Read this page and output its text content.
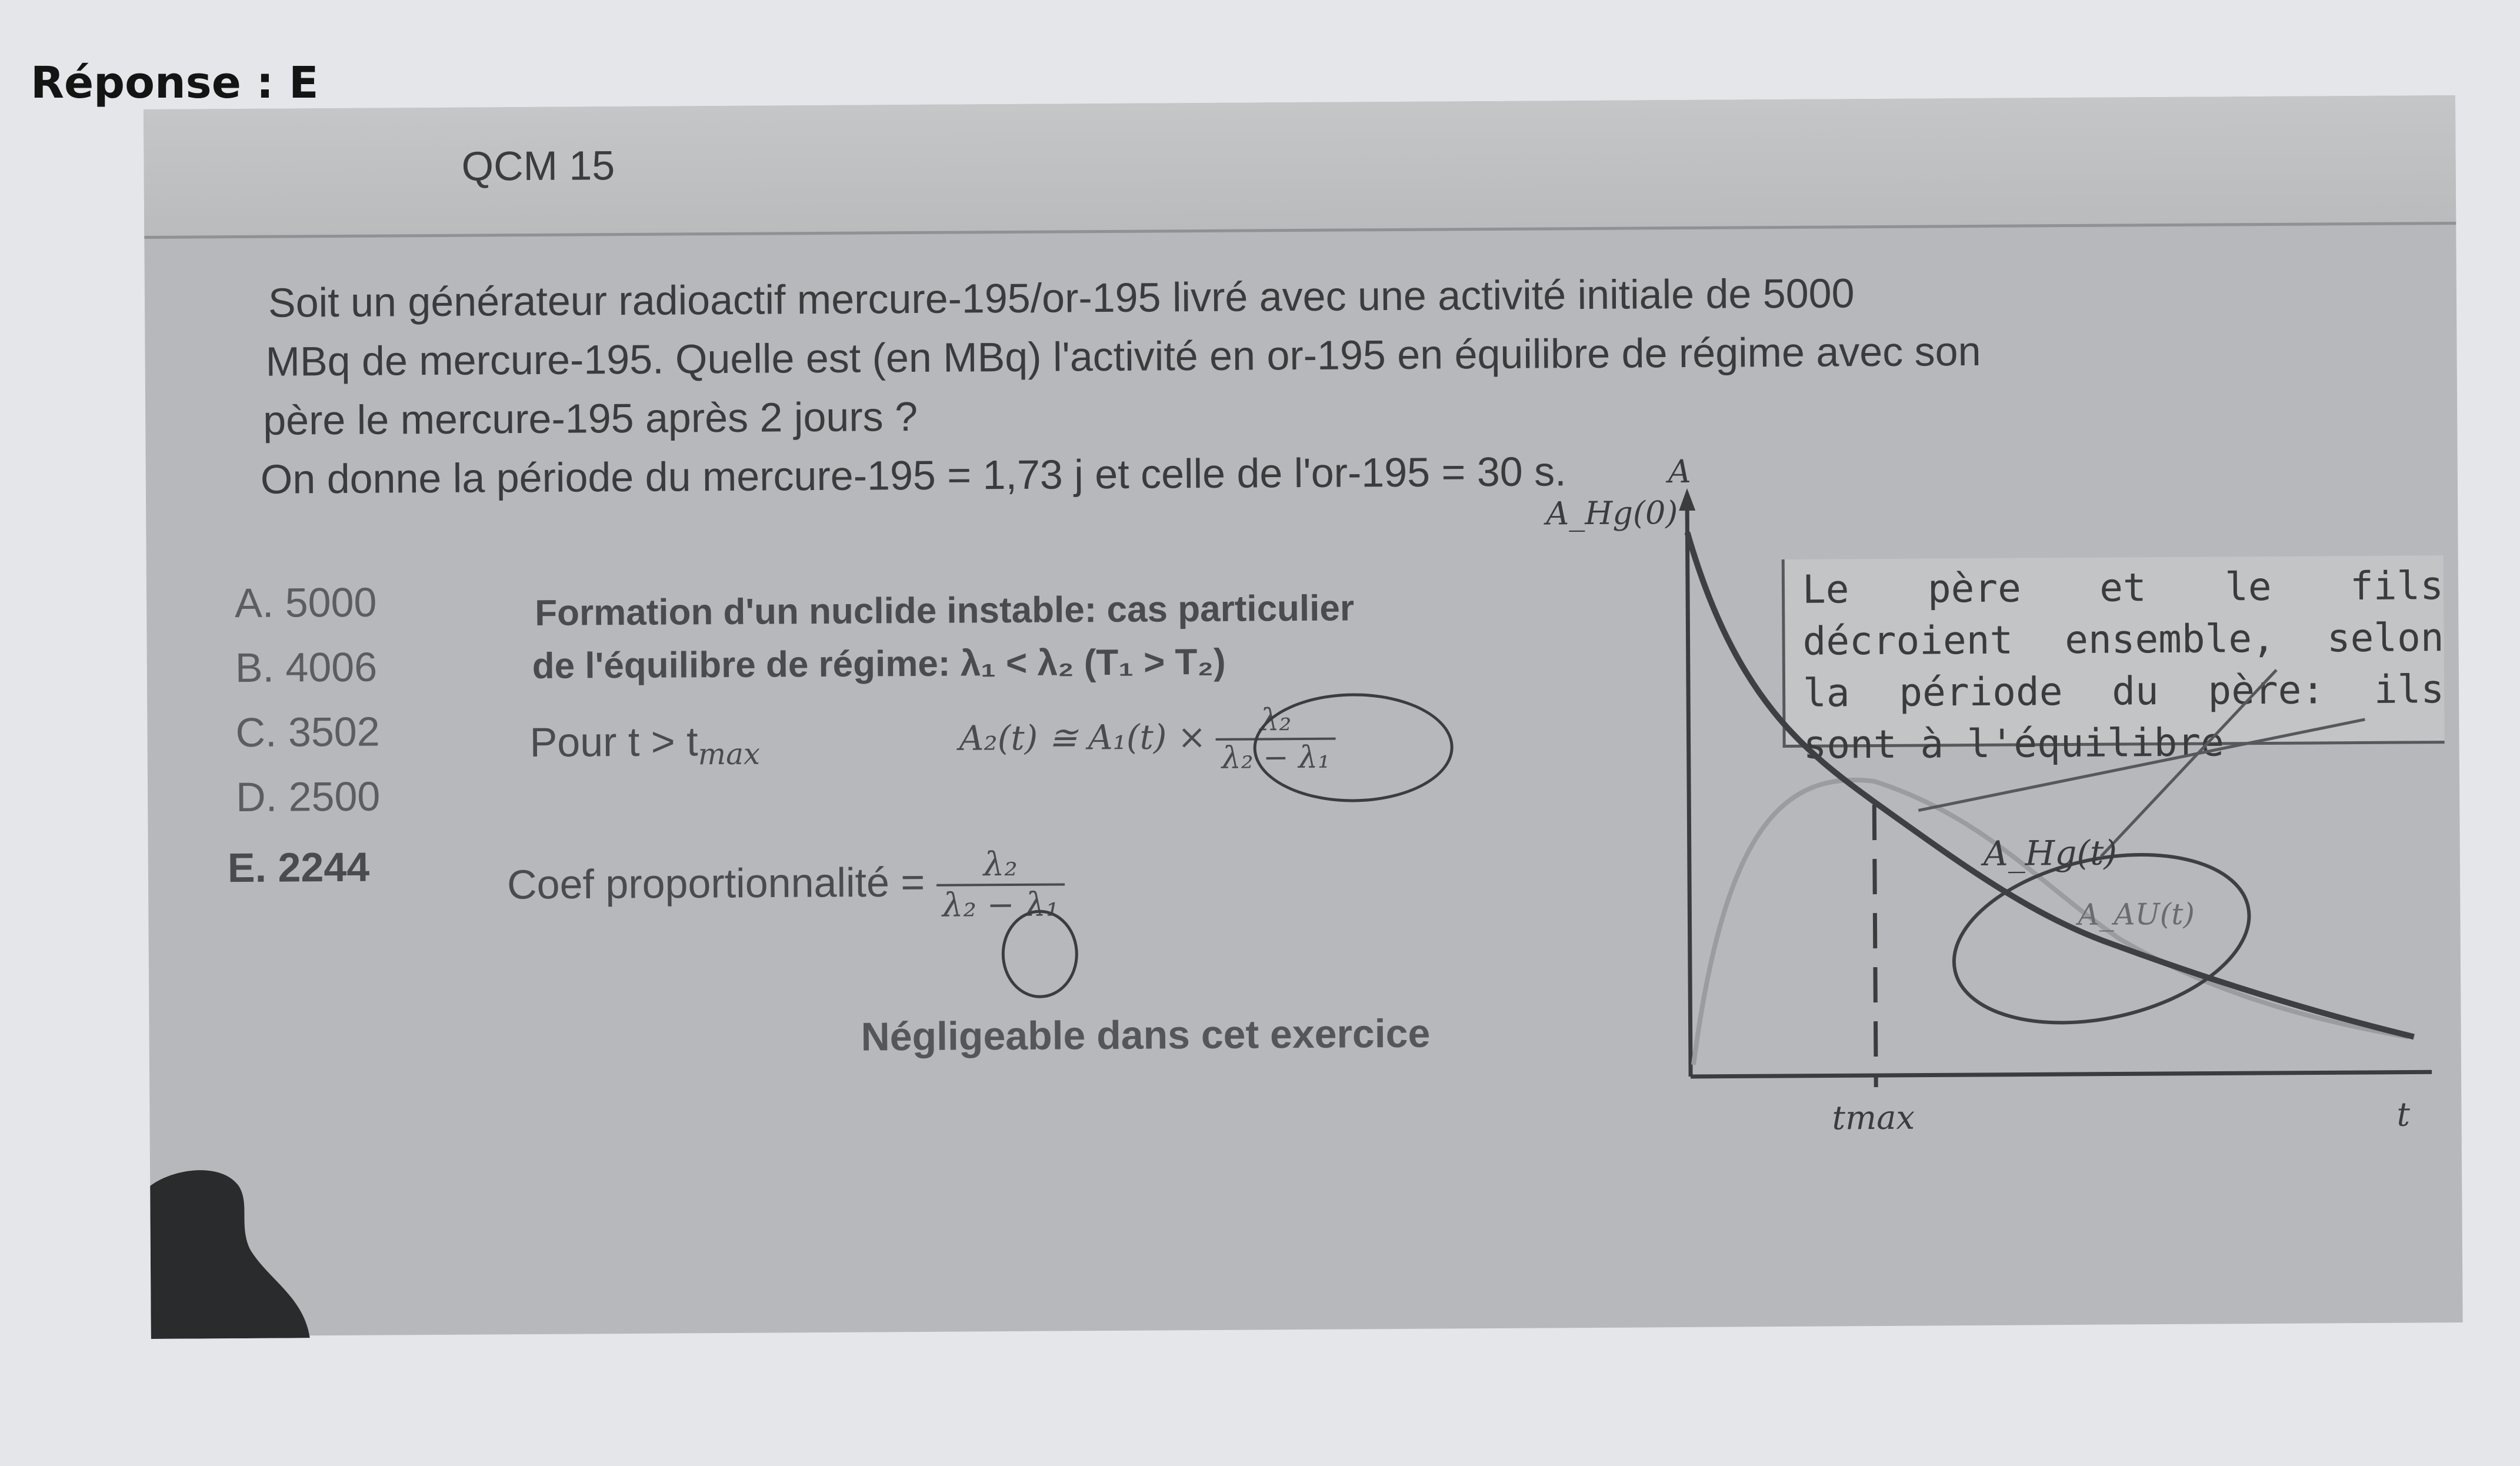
Réponse : E
QCM 15

Soit un générateur radioactif mercure-195/or-195 livré avec une activité initiale de 5000

MBq de mercure-195. Quelle est (en MBq) l'activité en or-195 en équilibre de régime avec son

père le mercure-195 après 2 jours ?

On donne la période du mercure-195 = 1,73 j et celle de l'or-195 = 30 s.

A. 5000

B. 4006

C. 3502

D. 2500

E. 2244

Formation d'un nuclide instable: cas particulier

de l'équilibre de régime: λ₁ < λ₂ (T₁ > T₂)

Pour $t > t_{max}$	A₂(t) ≅ $A_1(t) \times \frac{\text{λ₂}}{\text{λ₂ − λ₁}}$
Coef proportionnalité = $\frac{\text{λ₂}}{\text{λ₂ − λ₁}}$

Négligeable dans cet exercice

Le père et le fils décroient ensemble, selon la période du père: ils sont à l'équilibre

A
A_Hg(0)
A_Hg(t)
A_AU(t)
tmax	t
